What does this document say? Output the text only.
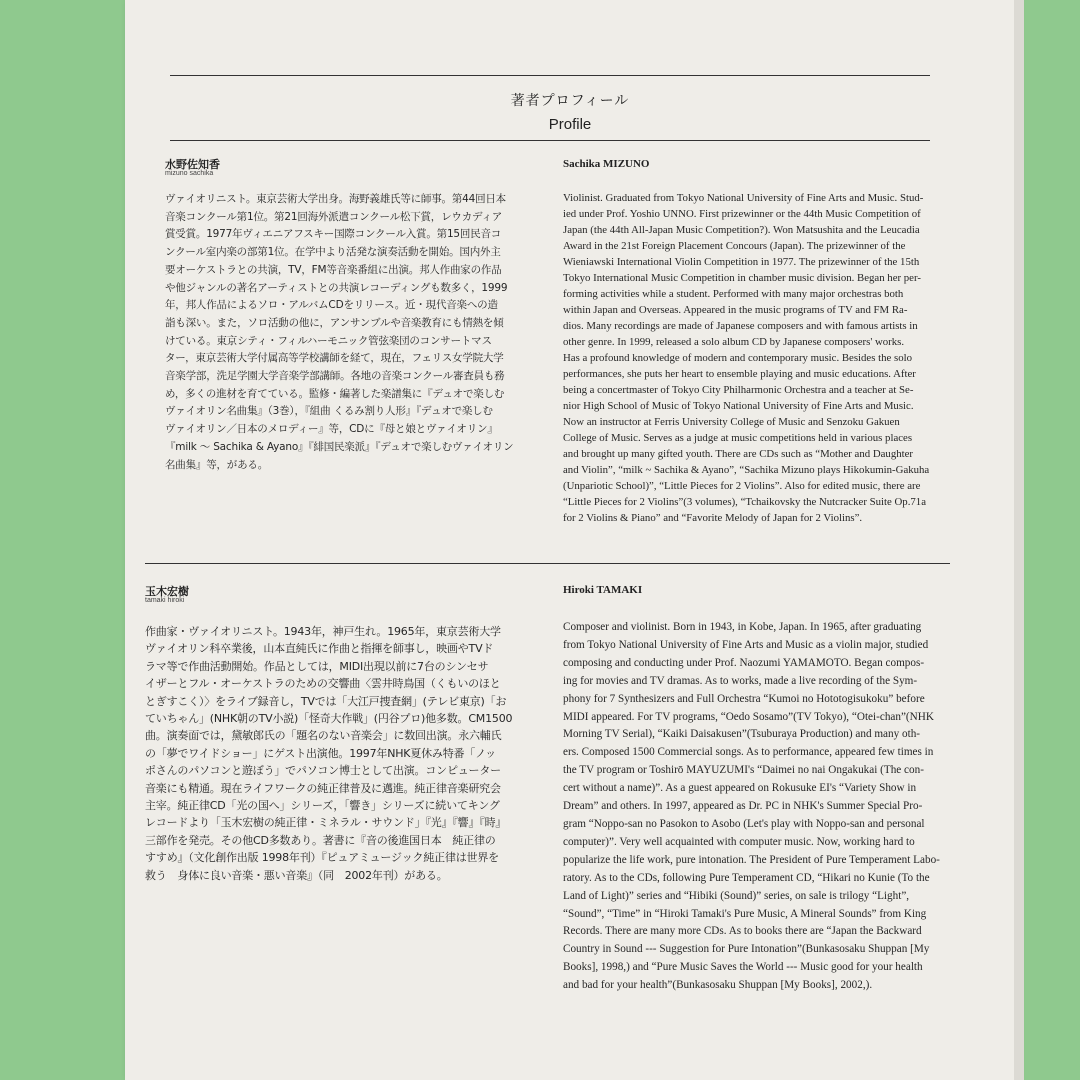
著者プロフィール
Profile
水野佐知香
mizuno sachika
Sachika MIZUNO

ヴァイオリニスト。東京芸術大学出身。海野義雄氏等に師事。第44回日本

音楽コンクール第1位。第21回海外派遣コンクール松下賞，レウカディア

賞受賞。1977年ヴィエニアフスキー国際コンクール入賞。第15回民音コ

ンクール室内楽の部第1位。在学中より活発な演奏活動を開始。国内外主

要オーケストラとの共演，TV，FM等音楽番組に出演。邦人作曲家の作品

や他ジャンルの著名アーティストとの共演レコーディングも数多く，1999

年，邦人作品によるソロ・アルバムCDをリリース。近・現代音楽への造

詣も深い。また，ソロ活動の他に，アンサンブルや音楽教育にも情熱を傾

けている。東京シティ・フィルハーモニック管弦楽団のコンサートマス

ター，東京芸術大学付属高等学校講師を経て，現在，フェリス女学院大学

音楽学部，洗足学園大学音楽学部講師。各地の音楽コンクール審査員も務

め，多くの進材を育てている。監修・編著した楽譜集に『デュオで楽しむ

ヴァイオリン名曲集』（3巻），『組曲 くるみ割り人形』『デュオで楽しむ

ヴァイオリン／日本のメロディー』等，CDに『母と娘とヴァイオリン』

『milk 〜 Sachika & Ayano』『緋国民楽派』『デュオで楽しむヴァイオリン

名曲集』等，がある。

Violinist. Graduated from Tokyo National University of Fine Arts and Music. Stud-

ied under Prof. Yoshio UNNO. First prizewinner or the 44th Music Competition of

Japan (the 44th All-Japan Music Competition?). Won Matsushita and the Leucadia

Award in the 21st Foreign Placement Concours (Japan). The prizewinner of the

Wieniawski International Violin Competition in 1977. The prizewinner of the 15th

Tokyo International Music Competition in chamber music division. Began her per-

forming activities while a student. Performed with many major orchestras both

within Japan and Overseas. Appeared in the music programs of TV and FM Ra-

dios. Many recordings are made of Japanese composers and with famous artists in

other genre. In 1999, released a solo album CD by Japanese composers' works.

Has a profound knowledge of modern and contemporary music. Besides the solo

performances, she puts her heart to ensemble playing and music educations. After

being a concertmaster of Tokyo City Philharmonic Orchestra and a teacher at Se-

nior High School of Music of Tokyo National University of Fine Arts and Music.

Now an instructor at Ferris University College of Music and Senzoku Gakuen

College of Music. Serves as a judge at music competitions held in various places

and brought up many gifted youth. There are CDs such as “Mother and Daughter

and Violin”, “milk ~ Sachika & Ayano”, “Sachika Mizuno plays Hikokumin-Gakuha

(Unpariotic School)”, “Little Pieces for 2 Violins”. Also for edited music, there are

“Little Pieces for 2 Violins”(3 volumes), “Tchaikovsky the Nutcracker Suite Op.71a

for 2 Violins & Piano” and “Favorite Melody of Japan for 2 Violins”.

玉木宏樹
tamaki hiroki
Hiroki TAMAKI

作曲家・ヴァイオリニスト。1943年，神戸生れ。1965年，東京芸術大学

ヴァイオリン科卒業後，山本直純氏に作曲と指揮を師事し，映画やTVド

ラマ等で作曲活動開始。作品としては，MIDI出現以前に7台のシンセサ

イザーとフル・オーケストラのための交響曲〈雲井時鳥国（くもいのほと

とぎすこく）〉をライブ録音し，TVでは「大江戸捜査網」(テレビ東京)「お

ていちゃん」(NHK朝のTV小説)「怪奇大作戦」(円谷プロ)他多数。CM1500

曲。演奏面では，黛敏郎氏の「題名のない音楽会」に数回出演。永六輔氏

の「夢でワイドショー」にゲスト出演他。1997年NHK夏休み特番「ノッ

ポさんのパソコンと遊ぼう」でパソコン博士として出演。コンピューター

音楽にも精通。現在ライフワークの純正律普及に邁進。純正律音楽研究会

主宰。純正律CD「光の国へ」シリーズ，「響き」シリーズに続いてキング

レコードより「玉木宏樹の純正律・ミネラル・サウンド」『光』『響』『時』

三部作を発売。その他CD多数あり。著書に『音の後進国日本　純正律の

すすめ』（文化創作出版 1998年刊）『ピュアミュージック純正律は世界を

救う　身体に良い音楽・悪い音楽』（同　2002年刊）がある。

Composer and violinist. Born in 1943, in Kobe, Japan. In 1965, after graduating

from Tokyo National University of Fine Arts and Music as a violin major, studied

composing and conducting under Prof. Naozumi YAMAMOTO. Began compos-

ing for movies and TV dramas. As to works, made a live recording of the Sym-

phony for 7 Synthesizers and Full Orchestra “Kumoi no Hototogisukoku” before

MIDI appeared. For TV programs, “Oedo Sosamo”(TV Tokyo), “Otei-chan”(NHK

Morning TV Serial), “Kaiki Daisakusen”(Tsuburaya Production) and many oth-

ers. Composed 1500 Commercial songs. As to performance, appeared few times in

the TV program or Toshirō MAYUZUMI's “Daimei no nai Ongakukai (The con-

cert without a name)”. As a guest appeared on Rokusuke EI's “Variety Show in

Dream” and others. In 1997, appeared as Dr. PC in NHK's Summer Special Pro-

gram “Noppo-san no Pasokon to Asobo (Let's play with Noppo-san and personal

computer)”. Very well acquainted with computer music. Now, working hard to

popularize the life work, pure intonation. The President of Pure Temperament Labo-

ratory. As to the CDs, following Pure Temperament CD, “Hikari no Kunie (To the

Land of Light)” series and “Hibiki (Sound)” series, on sale is trilogy “Light”,

“Sound”, “Time” in “Hiroki Tamaki's Pure Music, A Mineral Sounds” from King

Records. There are many more CDs. As to books there are “Japan the Backward

Country in Sound --- Suggestion for Pure Intonation”(Bunkasosaku Shuppan [My

Books], 1998,) and “Pure Music Saves the World --- Music good for your health

and bad for your health”(Bunkasosaku Shuppan [My Books], 2002,).
